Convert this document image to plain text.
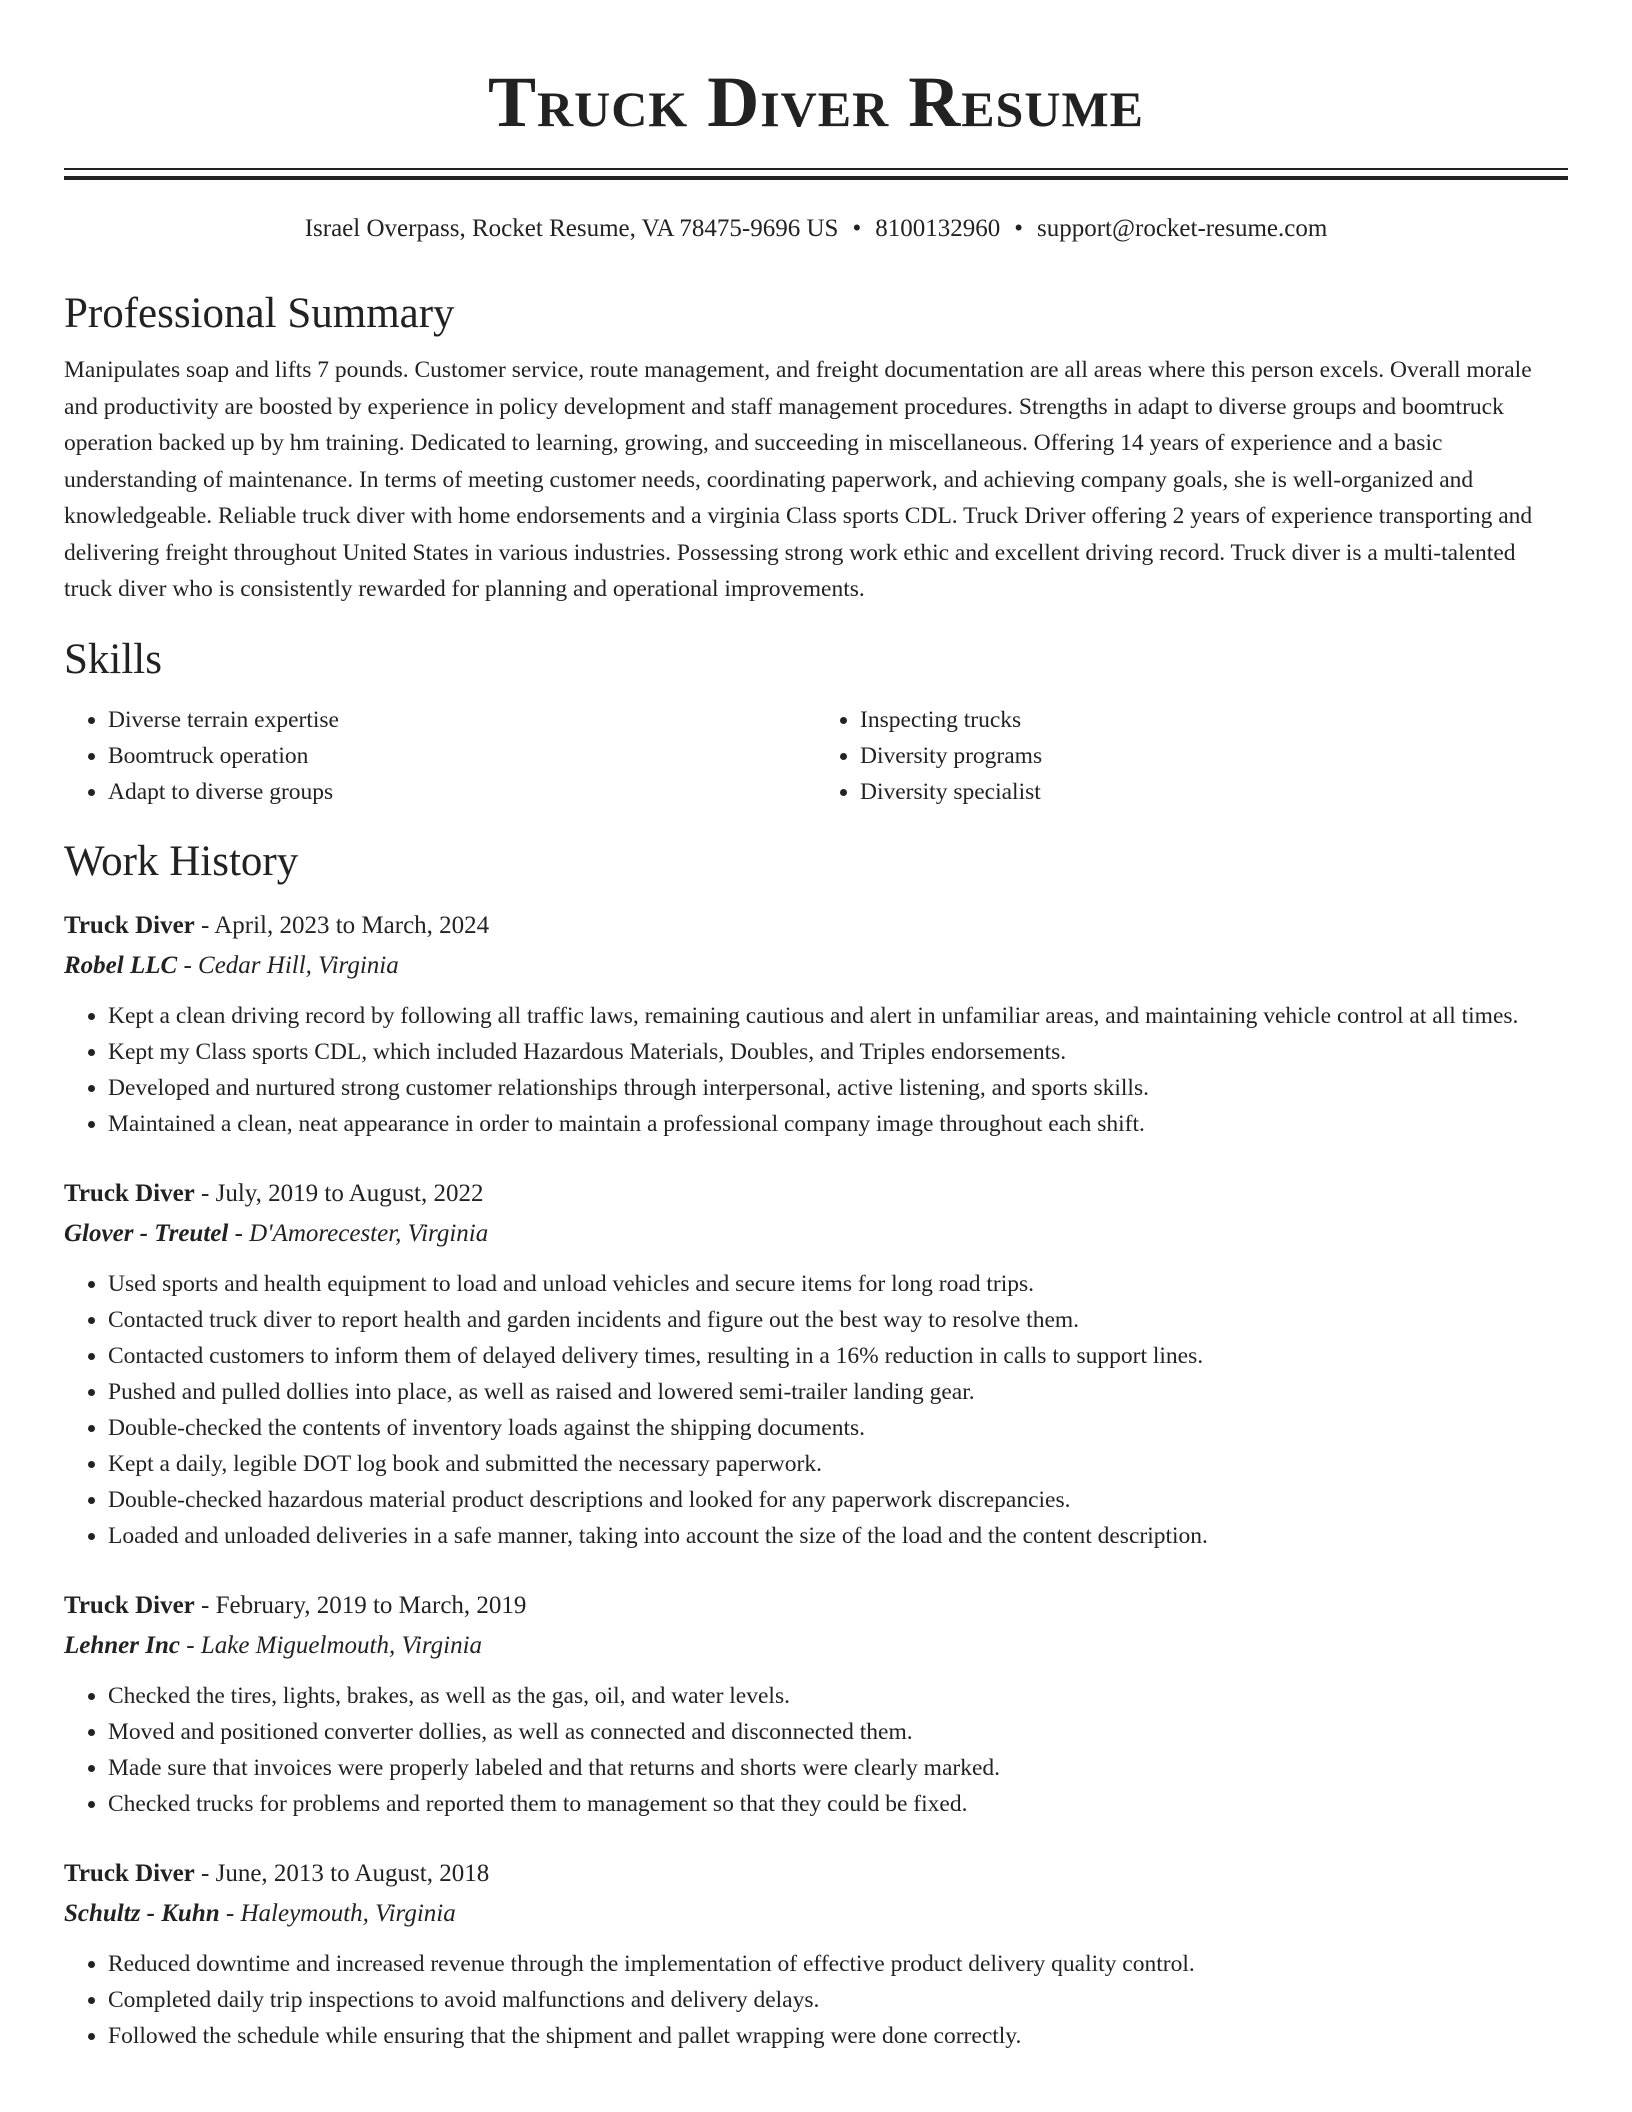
Truck Diver Resume
Israel Overpass, Rocket Resume, VA 78475-9696 US • 8100132960 • support@rocket-resume.com
Professional Summary

Manipulates soap and lifts 7 pounds. Customer service, route management, and freight documentation are all areas where this person excels. Overall morale and productivity are boosted by experience in policy development and staff management procedures. Strengths in adapt to diverse groups and boomtruck operation backed up by hm training. Dedicated to learning, growing, and succeeding in miscellaneous. Offering 14 years of experience and a basic understanding of maintenance. In terms of meeting customer needs, coordinating paperwork, and achieving company goals, she is well-organized and knowledgeable. Reliable truck diver with home endorsements and a virginia Class sports CDL. Truck Driver offering 2 years of experience transporting and delivering freight throughout United States in various industries. Possessing strong work ethic and excellent driving record. Truck diver is a multi-talented truck diver who is consistently rewarded for planning and operational improvements.

Skills
• Diverse terrain expertise
• Boomtruck operation
• Adapt to diverse groups
• Inspecting trucks
• Diversity programs
• Diversity specialist
Work History
Truck Diver - April, 2023 to March, 2024
Robel LLC - Cedar Hill, Virginia
• Kept a clean driving record by following all traffic laws, remaining cautious and alert in unfamiliar areas, and maintaining vehicle control at all times.
• Kept my Class sports CDL, which included Hazardous Materials, Doubles, and Triples endorsements.
• Developed and nurtured strong customer relationships through interpersonal, active listening, and sports skills.
• Maintained a clean, neat appearance in order to maintain a professional company image throughout each shift.
Truck Diver - July, 2019 to August, 2022
Glover - Treutel - D'Amorecester, Virginia
• Used sports and health equipment to load and unload vehicles and secure items for long road trips.
• Contacted truck diver to report health and garden incidents and figure out the best way to resolve them.
• Contacted customers to inform them of delayed delivery times, resulting in a 16% reduction in calls to support lines.
• Pushed and pulled dollies into place, as well as raised and lowered semi-trailer landing gear.
• Double-checked the contents of inventory loads against the shipping documents.
• Kept a daily, legible DOT log book and submitted the necessary paperwork.
• Double-checked hazardous material product descriptions and looked for any paperwork discrepancies.
• Loaded and unloaded deliveries in a safe manner, taking into account the size of the load and the content description.
Truck Diver - February, 2019 to March, 2019
Lehner Inc - Lake Miguelmouth, Virginia
• Checked the tires, lights, brakes, as well as the gas, oil, and water levels.
• Moved and positioned converter dollies, as well as connected and disconnected them.
• Made sure that invoices were properly labeled and that returns and shorts were clearly marked.
• Checked trucks for problems and reported them to management so that they could be fixed.
Truck Diver - June, 2013 to August, 2018
Schultz - Kuhn - Haleymouth, Virginia
• Reduced downtime and increased revenue through the implementation of effective product delivery quality control.
• Completed daily trip inspections to avoid malfunctions and delivery delays.
• Followed the schedule while ensuring that the shipment and pallet wrapping were done correctly.
